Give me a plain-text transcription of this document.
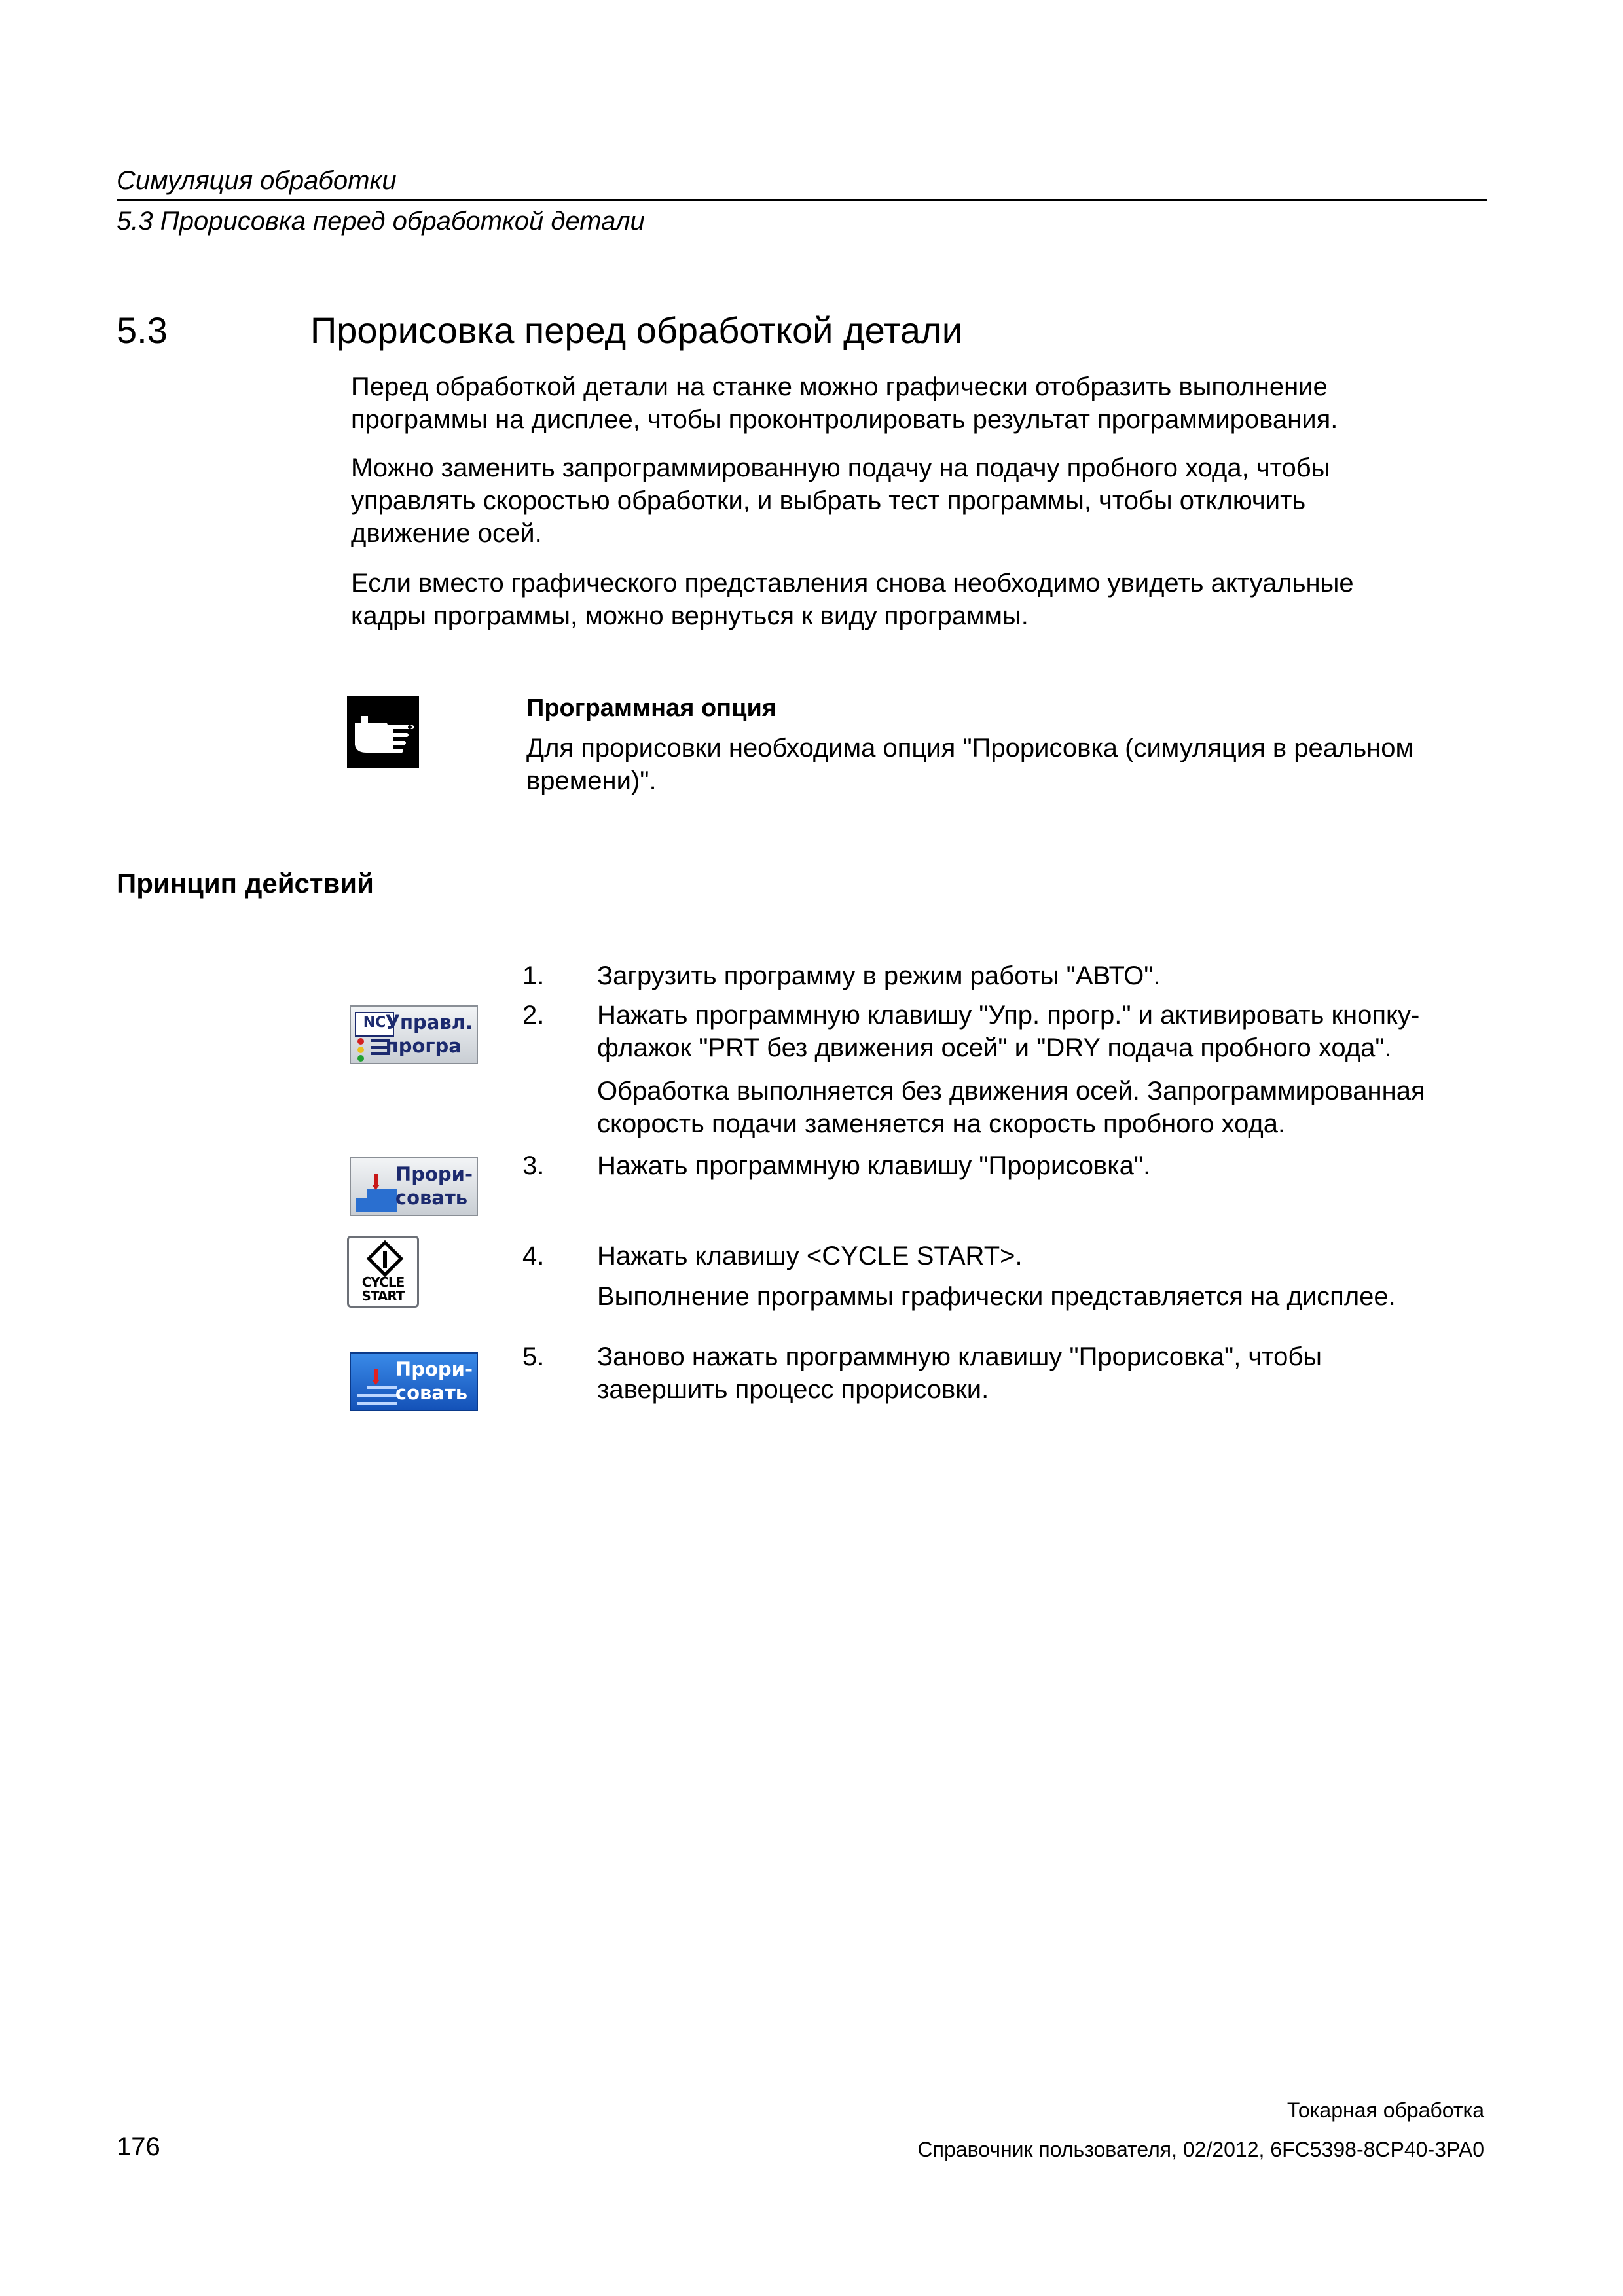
Симуляция обработки
5.3 Прорисовка перед обработкой детали
5.3	Прорисовка перед обработкой детали
Перед обработкой детали на станке можно графически отобразить выполнение
программы на дисплее, чтобы проконтролировать результат программирования.
Можно заменить запрограммированную подачу на подачу пробного хода, чтобы
управлять скоростью обработки, и выбрать тест программы, чтобы отключить
движение осей.
Если вместо графического представления снова необходимо увидеть актуальные
кадры программы, можно вернуться к виду программы.
Программная опция
Для прорисовки необходима опция "Прорисовка (симуляция в реальном
времени)".
Принцип действий
1.	Загрузить программу в режим работы "АВТО".
NC Управл.
програ
2.	Нажать программную клавишу "Упр. прогр." и активировать кнопку-
флажок "PRT без движения осей" и "DRY подача пробного хода".
Обработка выполняется без движения осей. Запрограммированная
скорость подачи заменяется на скорость пробного хода.
Прори-
совать
3.	Нажать программную клавишу "Прорисовка".
CYCLE
START
4.	Нажать клавишу <CYCLE START>.
Выполнение программы графически представляется на дисплее.
Прори-
совать
5.	Заново нажать программную клавишу "Прорисовка", чтобы
завершить процесс прорисовки.
Токарная обработка
176	Справочник пользователя, 02/2012, 6FC5398-8CP40-3PA0
